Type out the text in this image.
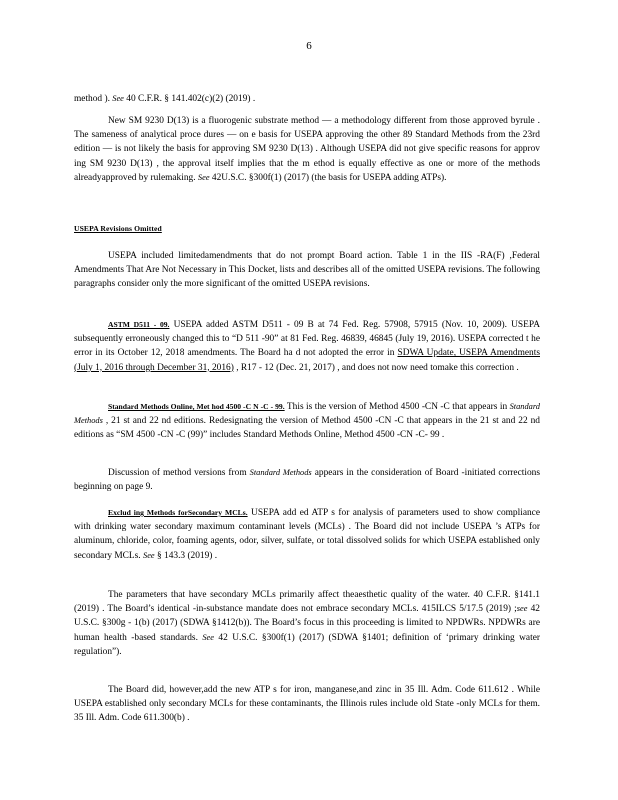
6

method ). See 40 C.F.R. § 141.402(c)(2) (2019) .

New SM 9230 D(13) is a fluorogenic substrate method — a methodology different from those approved byrule . The sameness of analytical proce dures — on e basis for USEPA approving the other 89 Standard Methods from the 23rd edition — is not likely the basis for approving SM 9230 D(13) . Although USEPA did not give specific reasons for approv ing SM 9230 D(13) , the approval itself implies that the m ethod is equally effective as one or more of the methods alreadyapproved by rulemaking. See 42U.S.C. §300f(1) (2017) (the basis for USEPA adding ATPs).

USEPA Revisions Omitted

USEPA included limitedamendments that do not prompt Board action. Table 1 in the IIS -RA(F) ,Federal Amendments That Are Not Necessary in This Docket, lists and describes all of the omitted USEPA revisions. The following paragraphs consider only the more significant of the omitted USEPA revisions.

ASTM D511 - 09. USEPA added ASTM D511 - 09 B at 74 Fed. Reg. 57908, 57915 (Nov. 10, 2009). USEPA subsequently erroneously changed this to “D 511 -90” at 81 Fed. Reg. 46839, 46845 (July 19, 2016). USEPA corrected t he error in its October 12, 2018 amendments. The Board ha d not adopted the error in SDWA Update, USEPA Amendments (July 1, 2016 through December 31, 2016) , R17 - 12 (Dec. 21, 2017) , and does not now need tomake this correction .

Standard Methods Online, Met hod 4500 -C N -C - 99. This is the version of Method 4500 -CN -C that appears in Standard Methods , 21 st and 22 nd editions. Redesignating the version of Method 4500 -CN -C that appears in the 21 st and 22 nd editions as “SM 4500 -CN -C (99)” includes Standard Methods Online, Method 4500 -CN -C- 99 .

Discussion of method versions from Standard Methods appears in the consideration of Board -initiated corrections beginning on page 9.

Exclud ing Methods forSecondary MCLs. USEPA add ed ATP s for analysis of parameters used to show compliance with drinking water secondary maximum contaminant levels (MCLs) . The Board did not include USEPA ’s ATPs for aluminum, chloride, color, foaming agents, odor, silver, sulfate, or total dissolved solids for which USEPA established only secondary MCLs. See § 143.3 (2019) .

The parameters that have secondary MCLs primarily affect theaesthetic quality of the water. 40 C.F.R. §141.1 (2019) . The Board’s identical -in-substance mandate does not embrace secondary MCLs. 415ILCS 5/17.5 (2019) ;see 42 U.S.C. §300g - 1(b) (2017) (SDWA §1412(b)). The Board’s focus in this proceeding is limited to NPDWRs. NPDWRs are human health -based standards. See 42 U.S.C. §300f(1) (2017) (SDWA §1401; definition of ‘primary drinking water regulation”).

The Board did, however,add the new ATP s for iron, manganese,and zinc in 35 Ill. Adm. Code 611.612 . While USEPA established only secondary MCLs for these contaminants, the Illinois rules include old State -only MCLs for them. 35 Ill. Adm. Code 611.300(b) .
